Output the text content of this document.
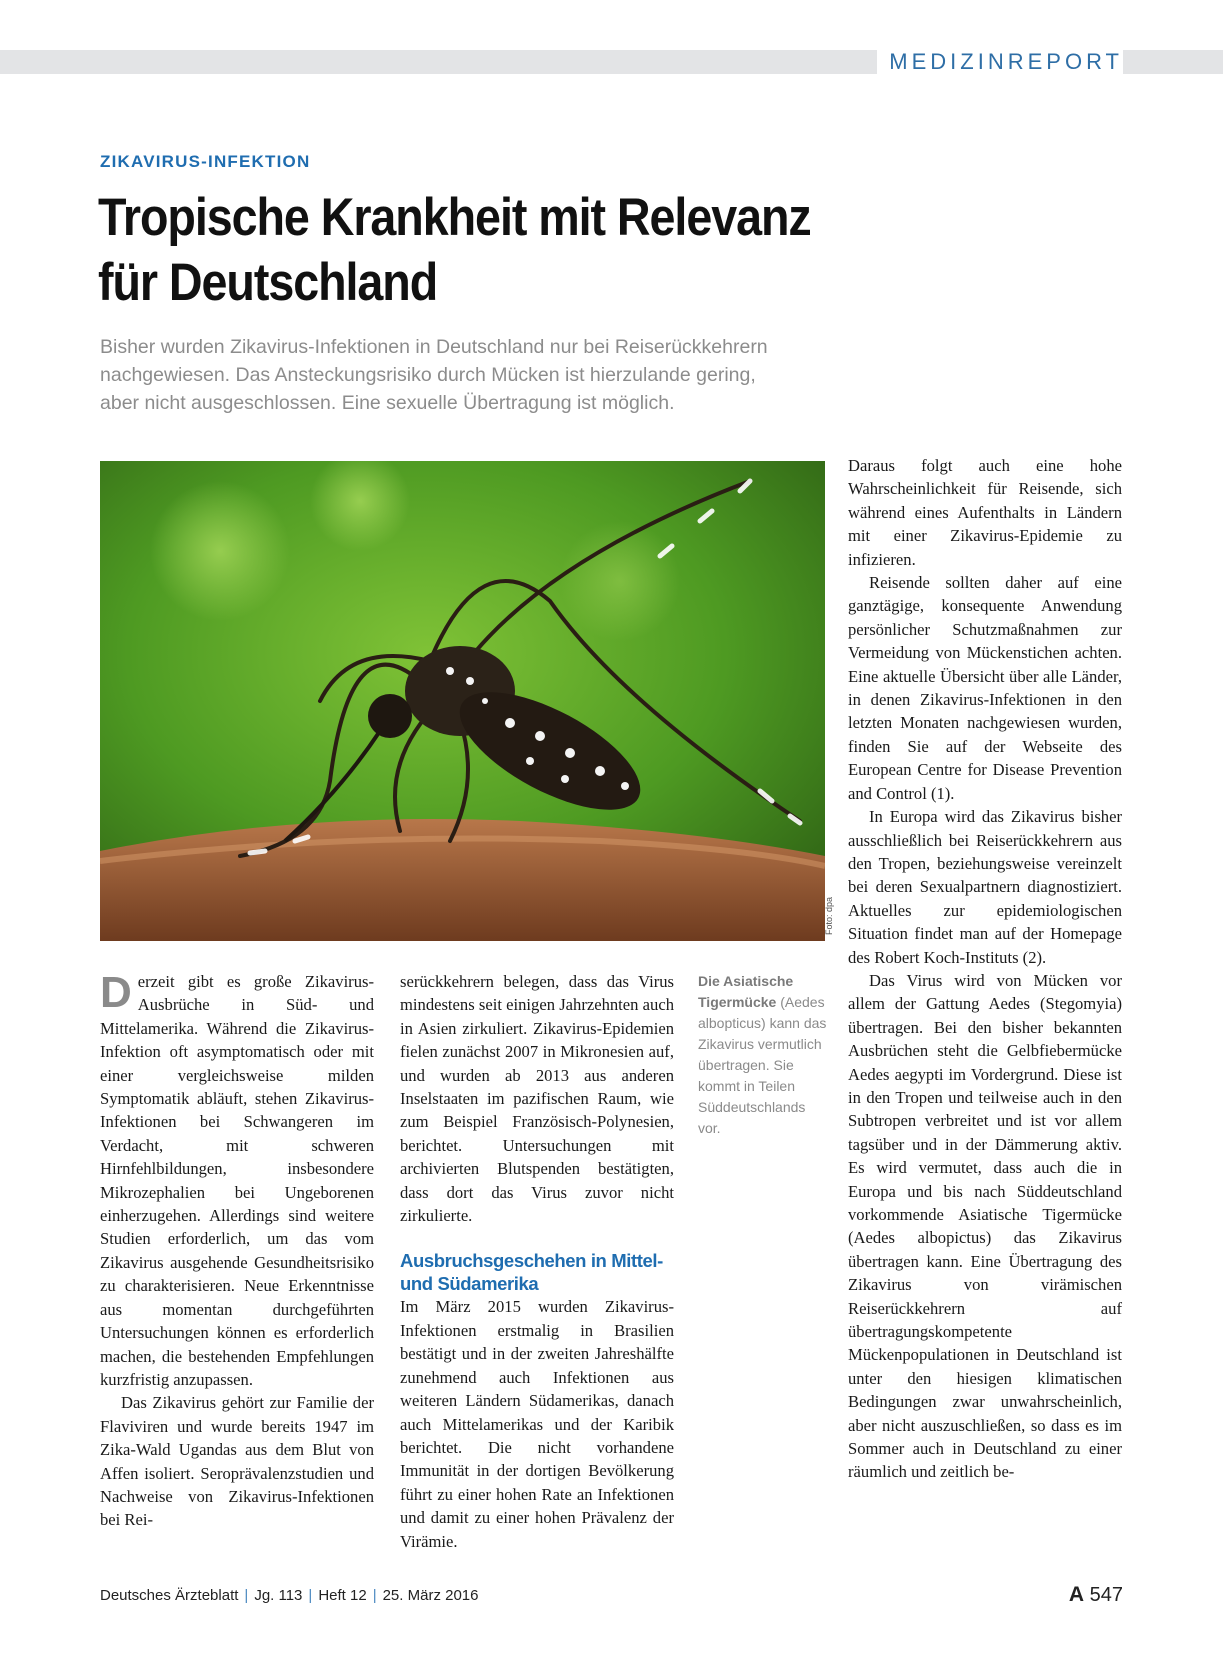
MEDIZINREPORT
ZIKAVIRUS-INFEKTION
Tropische Krankheit mit Relevanz
für Deutschland
Bisher wurden Zikavirus-Infektionen in Deutschland nur bei Reiserückkehrern
nachgewiesen. Das Ansteckungsrisiko durch Mücken ist hierzulande gering,
aber nicht ausgeschlossen. Eine sexuelle Übertragung ist möglich.
Foto: dpa

Derzeit gibt es große Zikavirus-Ausbrüche in Süd- und Mittelamerika. Während die Zikavirus-Infektion oft asymptomatisch oder mit einer vergleichsweise milden Symptomatik abläuft, stehen Zikavirus-Infektionen bei Schwangeren im Verdacht, mit schweren Hirnfehlbildungen, insbesondere Mikrozephalien bei Ungeborenen einherzugehen. Allerdings sind weitere Studien erforderlich, um das vom Zikavirus ausgehende Gesundheitsrisiko zu charakterisieren. Neue Erkenntnisse aus momentan durchgeführten Untersuchungen können es erforderlich machen, die bestehenden Empfehlungen kurzfristig anzupassen.

Das Zikavirus gehört zur Familie der Flaviviren und wurde bereits 1947 im Zika-Wald Ugandas aus dem Blut von Affen isoliert. Seroprävalenzstudien und Nachweise von Zikavirus-Infektionen bei Rei-

serückkehrern belegen, dass das Virus mindestens seit einigen Jahrzehnten auch in Asien zirkuliert. Zikavirus-Epidemien fielen zunächst 2007 in Mikronesien auf, und wurden ab 2013 aus anderen Inselstaaten im pazifischen Raum, wie zum Beispiel Französisch-Polynesien, berichtet. Untersuchungen mit archivierten Blutspenden bestätigten, dass dort das Virus zuvor nicht zirkulierte.

Ausbruchsgeschehen in Mittel- und Südamerika

Im März 2015 wurden Zikavirus-Infektionen erstmalig in Brasilien bestätigt und in der zweiten Jahreshälfte zunehmend auch Infektionen aus weiteren Ländern Südamerikas, danach auch Mittelamerikas und der Karibik berichtet. Die nicht vorhandene Immunität in der dortigen Bevölkerung führt zu einer hohen Rate an Infektionen und damit zu einer hohen Prävalenz der Virämie.

Die Asiatische Tigermücke (Aedes albopticus) kann das Zikavirus vermutlich übertragen. Sie kommt in Teilen Süddeutschlands vor.

Daraus folgt auch eine hohe Wahrscheinlichkeit für Reisende, sich während eines Aufenthalts in Ländern mit einer Zikavirus-Epidemie zu infizieren.

Reisende sollten daher auf eine ganztägige, konsequente Anwendung persönlicher Schutzmaßnahmen zur Vermeidung von Mückenstichen achten. Eine aktuelle Übersicht über alle Länder, in denen Zikavirus-Infektionen in den letzten Monaten nachgewiesen wurden, finden Sie auf der Webseite des European Centre for Disease Prevention and Control (1).

In Europa wird das Zikavirus bisher ausschließlich bei Reiserückkehrern aus den Tropen, beziehungsweise vereinzelt bei deren Sexualpartnern diagnostiziert. Aktuelles zur epidemiologischen Situation findet man auf der Homepage des Robert Koch-Instituts (2).

Das Virus wird von Mücken vor allem der Gattung Aedes (Stegomyia) übertragen. Bei den bisher bekannten Ausbrüchen steht die Gelbfiebermücke Aedes aegypti im Vordergrund. Diese ist in den Tropen und teilweise auch in den Subtropen verbreitet und ist vor allem tagsüber und in der Dämmerung aktiv. Es wird vermutet, dass auch die in Europa und bis nach Süddeutschland vorkommende Asiatische Tigermücke (Aedes albopictus) das Zikavirus übertragen kann. Eine Übertragung des Zikavirus von virämischen Reiserückkehrern auf übertragungskompetente Mückenpopulationen in Deutschland ist unter den hiesigen klimatischen Bedingungen zwar unwahrscheinlich, aber nicht auszuschließen, so dass es im Sommer auch in Deutschland zu einer räumlich und zeitlich be-

Deutsches Ärzteblatt | Jg. 113 | Heft 12 | 25. März 2016	A 547
